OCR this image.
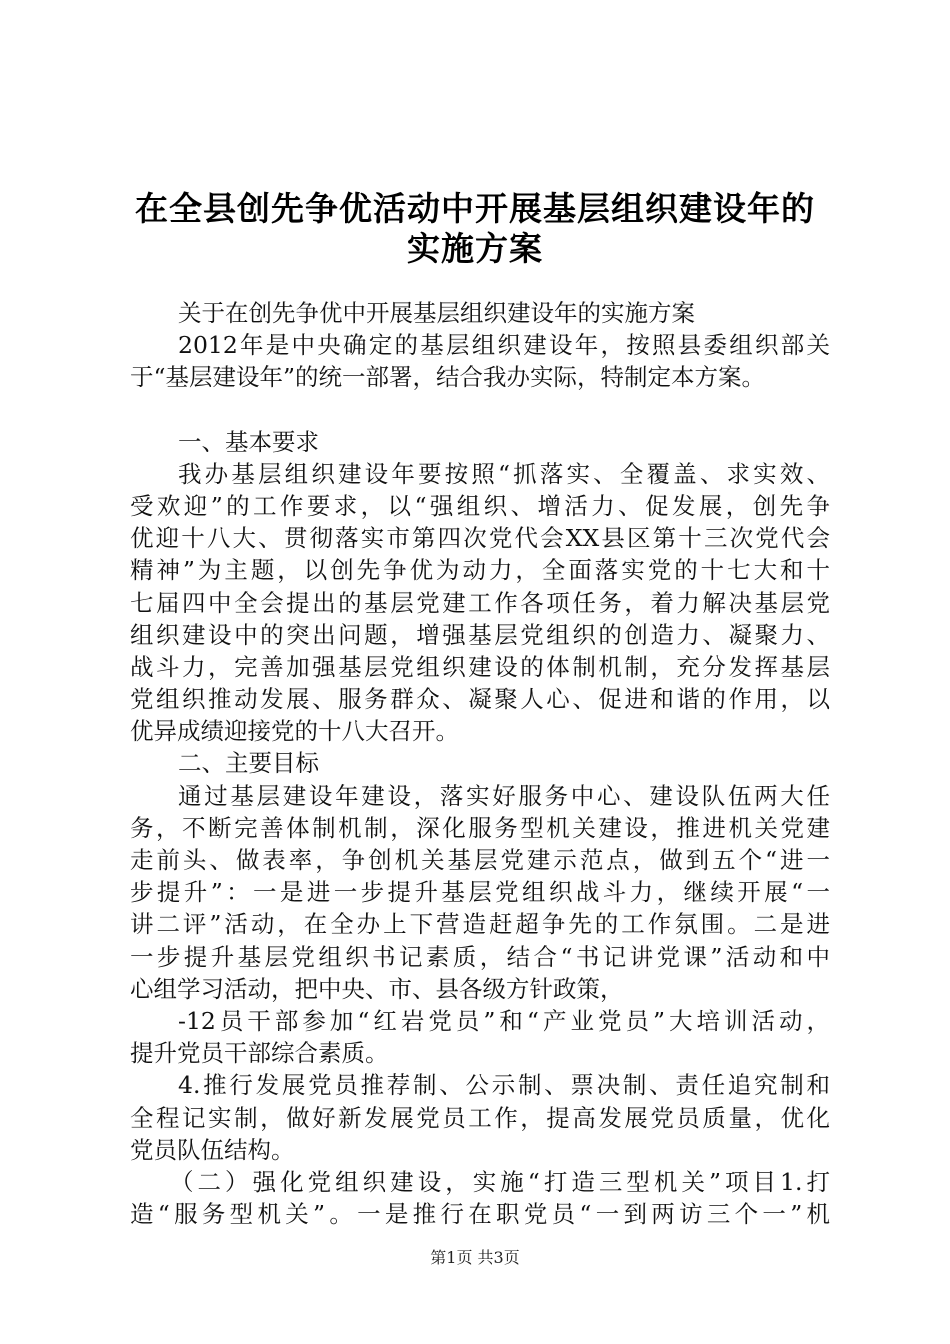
在全县创先争优活动中开展基层组织建设年的
实施方案
关于在创先争优中开展基层组织建设年的实施方案
2012年是中央确定的基层组织建设年，按照县委组织部关
于“基层建设年”的统一部署，结合我办实际，特制定本方案。
一、基本要求
我办基层组织建设年要按照“抓落实、全覆盖、求实效、
受欢迎”的工作要求，以“强组织、增活力、促发展，创先争
优迎十八大、贯彻落实市第四次党代会XX县区第十三次党代会
精神”为主题，以创先争优为动力，全面落实党的十七大和十
七届四中全会提出的基层党建工作各项任务，着力解决基层党
组织建设中的突出问题，增强基层党组织的创造力、凝聚力、
战斗力，完善加强基层党组织建设的体制机制，充分发挥基层
党组织推动发展、服务群众、凝聚人心、促进和谐的作用，以
优异成绩迎接党的十八大召开。
二、主要目标
通过基层建设年建设，落实好服务中心、建设队伍两大任
务，不断完善体制机制，深化服务型机关建设，推进机关党建
走前头、做表率，争创机关基层党建示范点，做到五个“进一
步提升”：一是进一步提升基层党组织战斗力，继续开展“一
讲二评”活动，在全办上下营造赶超争先的工作氛围。二是进
一步提升基层党组织书记素质，结合“书记讲党课”活动和中
心组学习活动，把中央、市、县各级方针政策，
-12员干部参加“红岩党员”和“产业党员”大培训活动，
提升党员干部综合素质。
4.推行发展党员推荐制、公示制、票决制、责任追究制和
全程记实制，做好新发展党员工作，提高发展党员质量，优化
党员队伍结构。
（二）强化党组织建设，实施“打造三型机关”项目1.打
造“服务型机关”。一是推行在职党员“一到两访三个一”机
第1页 共3页
